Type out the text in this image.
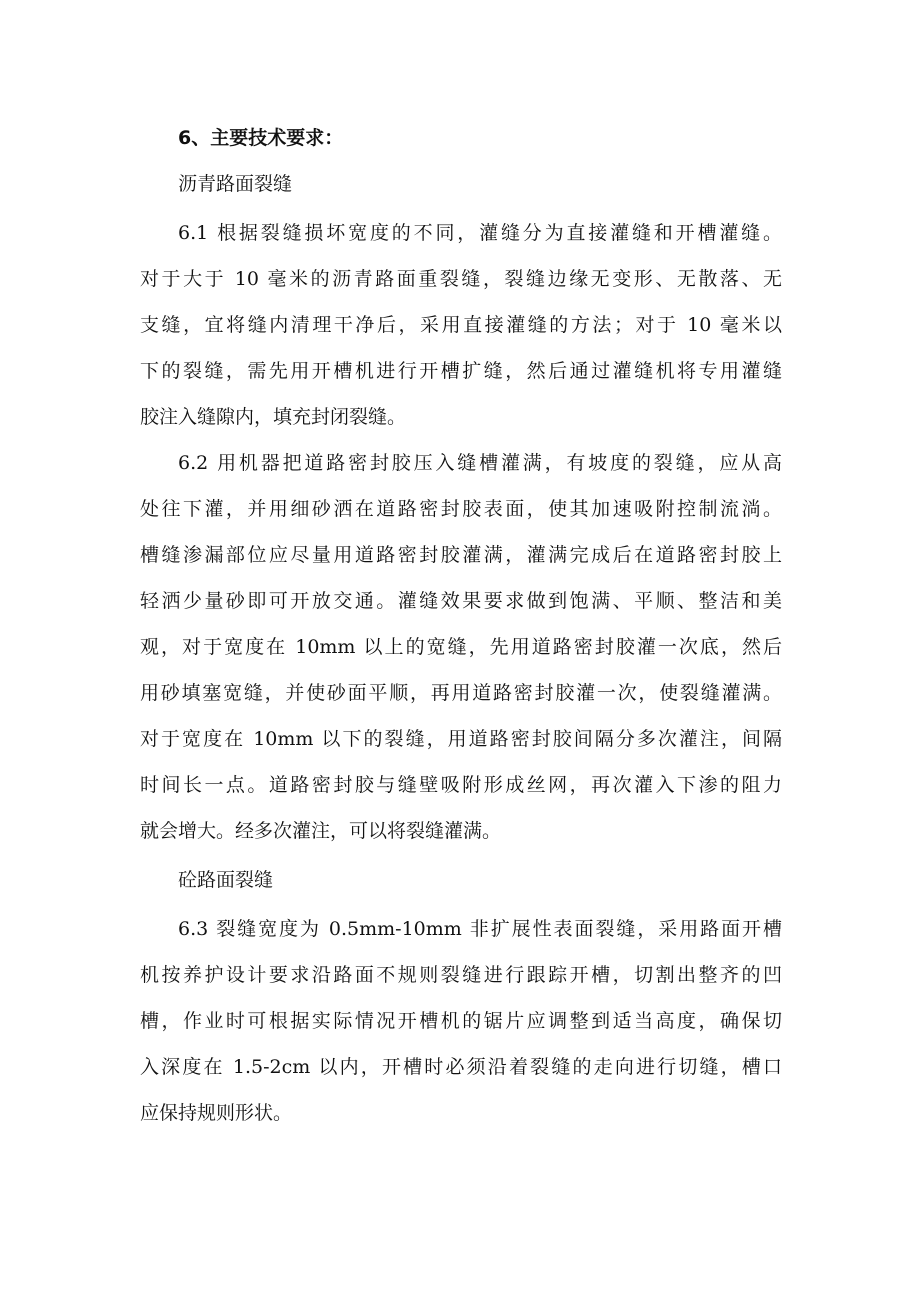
6、主要技术要求：
沥青路面裂缝
6.1 根据裂缝损坏宽度的不同，灌缝分为直接灌缝和开槽灌缝。
对于大于 10 毫米的沥青路面重裂缝，裂缝边缘无变形、无散落、无
支缝，宜将缝内清理干净后，采用直接灌缝的方法；对于 10 毫米以
下的裂缝，需先用开槽机进行开槽扩缝，然后通过灌缝机将专用灌缝
胶注入缝隙内，填充封闭裂缝。
6.2 用机器把道路密封胶压入缝槽灌满，有坡度的裂缝，应从高
处往下灌，并用细砂洒在道路密封胶表面，使其加速吸附控制流淌。
槽缝渗漏部位应尽量用道路密封胶灌满，灌满完成后在道路密封胶上
轻洒少量砂即可开放交通。灌缝效果要求做到饱满、平顺、整洁和美
观，对于宽度在 10mm 以上的宽缝，先用道路密封胶灌一次底，然后
用砂填塞宽缝，并使砂面平顺，再用道路密封胶灌一次，使裂缝灌满。
对于宽度在 10mm 以下的裂缝，用道路密封胶间隔分多次灌注，间隔
时间长一点。道路密封胶与缝壁吸附形成丝网，再次灌入下渗的阻力
就会增大。经多次灌注，可以将裂缝灌满。
砼路面裂缝
6.3 裂缝宽度为 0.5mm-10mm 非扩展性表面裂缝，采用路面开槽
机按养护设计要求沿路面不规则裂缝进行跟踪开槽，切割出整齐的凹
槽，作业时可根据实际情况开槽机的锯片应调整到适当高度，确保切
入深度在 1.5-2cm 以内，开槽时必须沿着裂缝的走向进行切缝，槽口
应保持规则形状。
